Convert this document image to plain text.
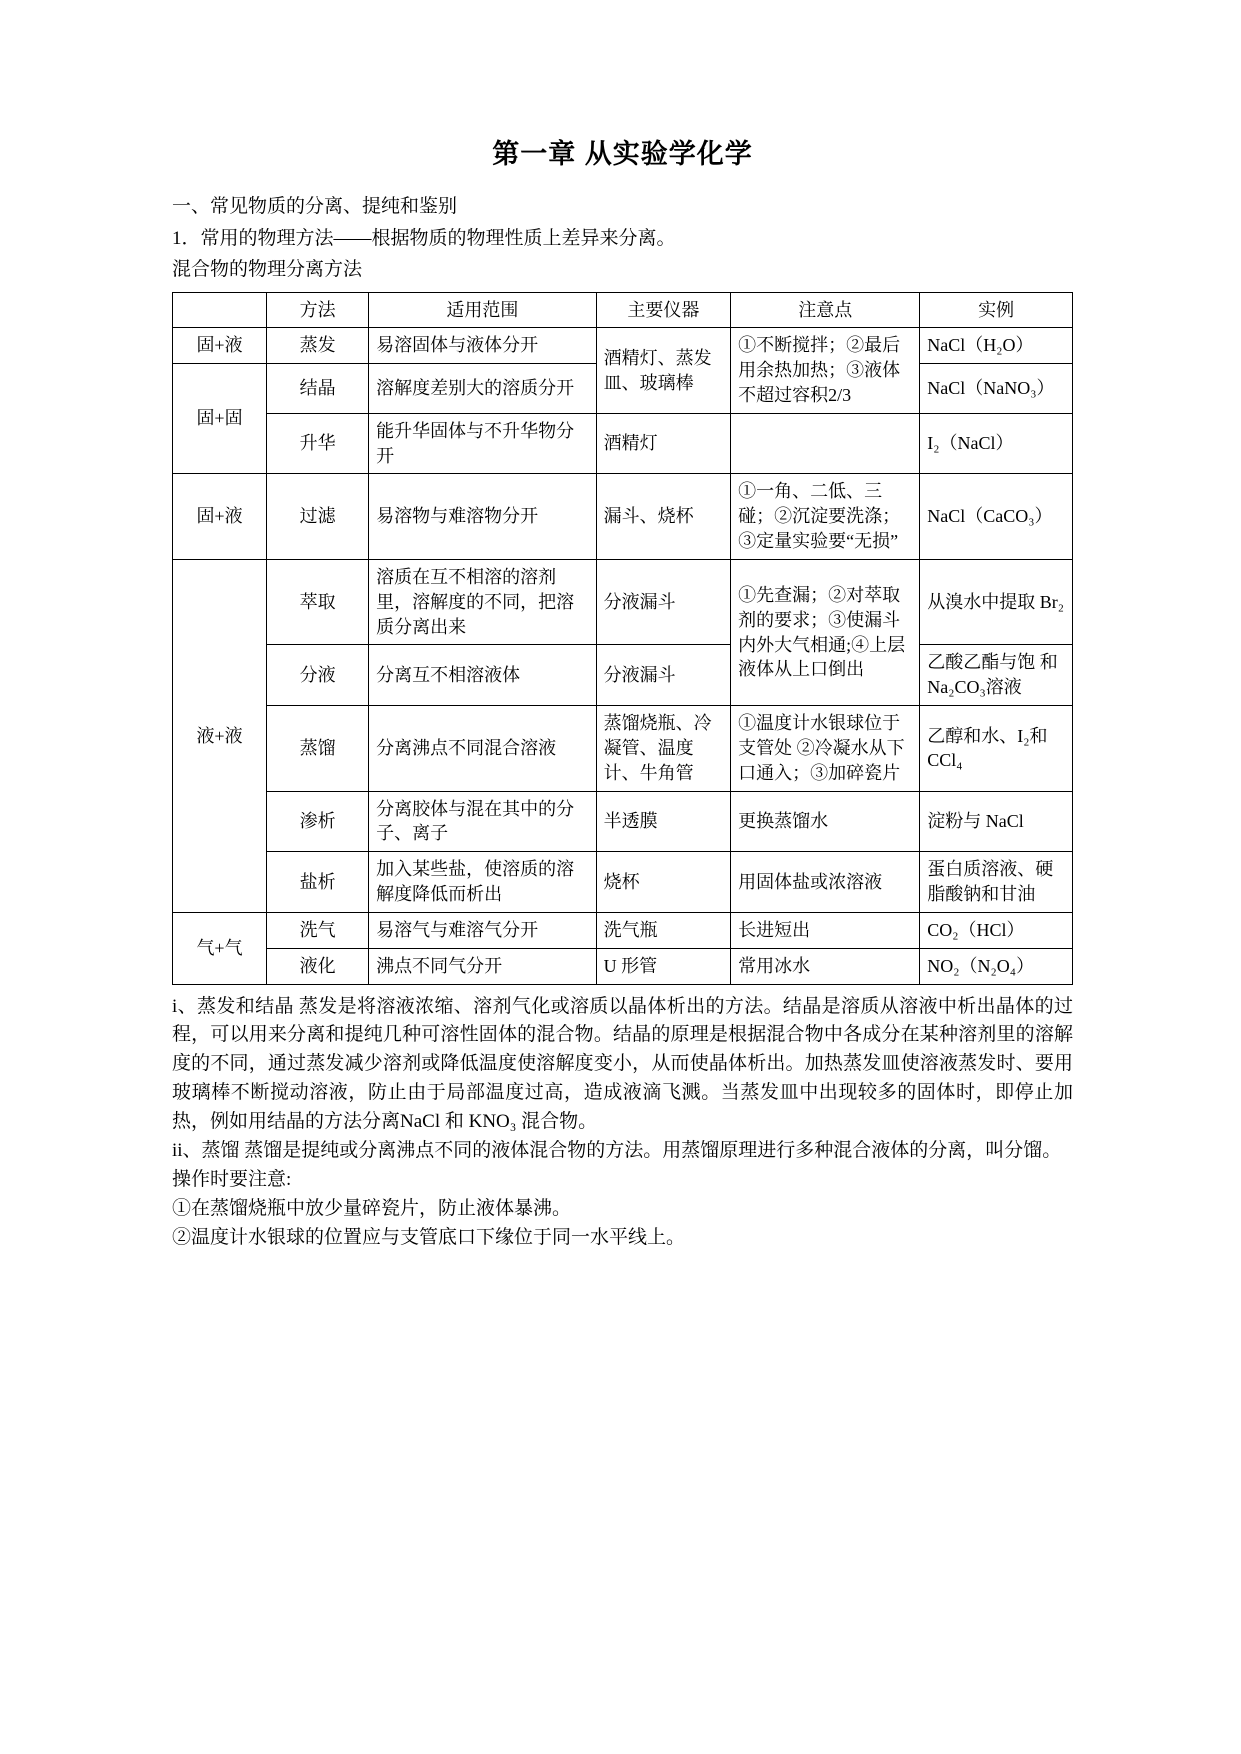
第一章 从实验学化学

一、常见物质的分离、提纯和鉴别

1．常用的物理方法——根据物质的物理性质上差异来分离。

混合物的物理分离方法

	方法	适用范围	主要仪器	注意点	实例
固+液	蒸发	易溶固体与液体分开	酒精灯、蒸发皿、玻璃棒	①不断搅拌；②最后用余热加热；③液体不超过容积2/3	NaCl（H₂O）
固+固	结晶	溶解度差别大的溶质分开			NaCl（NaNO₃）
	升华	能升华固体与不升华物分开	酒精灯		I₂（NaCl）
固+液	过滤	易溶物与难溶物分开	漏斗、烧杯	①一角、二低、三碰；②沉淀要洗涤；③定量实验要“无损”	NaCl（CaCO₃）
液+液	萃取	溶质在互不相溶的溶剂里，溶解度的不同，把溶质分离出来	分液漏斗	①先查漏；②对萃取剂的要求；③使漏斗内外大气相通;④上层液体从上口倒出	从溴水中提取 Br₂
	分液	分离互不相溶液体	分液漏斗		乙酸乙酯与饱 和Na₂CO₃溶液
	蒸馏	分离沸点不同混合溶液	蒸馏烧瓶、冷凝管、温度计、牛角管	①温度计水银球位于支管处 ②冷凝水从下口通入；③加碎瓷片	乙醇和水、I₂和 CCl₄
	渗析	分离胶体与混在其中的分子、离子	半透膜	更换蒸馏水	淀粉与 NaCl
	盐析	加入某些盐，使溶质的溶解度降低而析出	烧杯	用固体盐或浓溶液	蛋白质溶液、硬脂酸钠和甘油
气+气	洗气	易溶气与难溶气分开	洗气瓶	长进短出	CO₂（HCl）
	液化	沸点不同气分开	U 形管	常用冰水	NO₂（N₂O₄）

i、蒸发和结晶 蒸发是将溶液浓缩、溶剂气化或溶质以晶体析出的方法。结晶是溶质从溶液中析出晶体的过程，可以用来分离和提纯几种可溶性固体的混合物。结晶的原理是根据混合物中各成分在某种溶剂里的溶解度的不同，通过蒸发减少溶剂或降低温度使溶解度变小，从而使晶体析出。加热蒸发皿使溶液蒸发时、要用玻璃棒不断搅动溶液，防止由于局部温度过高，造成液滴飞溅。当蒸发皿中出现较多的固体时，即停止加热，例如用结晶的方法分离NaCl 和 KNO₃ 混合物。

ii、蒸馏 蒸馏是提纯或分离沸点不同的液体混合物的方法。用蒸馏原理进行多种混合液体的分离，叫分馏。

操作时要注意:

①在蒸馏烧瓶中放少量碎瓷片，防止液体暴沸。

②温度计水银球的位置应与支管底口下缘位于同一水平线上。
